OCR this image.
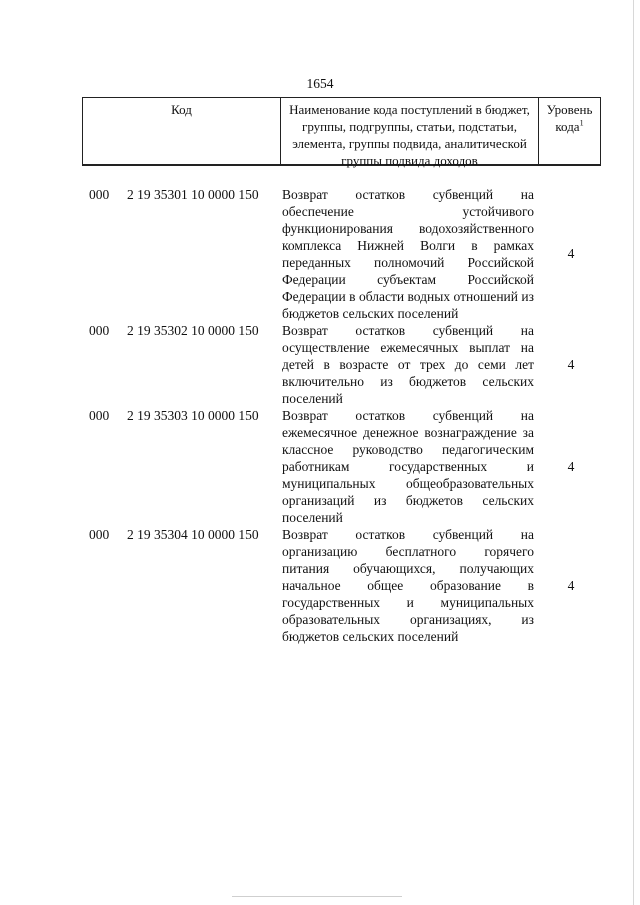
1654
Код	Наименование кода поступлений в бюджет, группы, подгруппы, статьи, подстатьи, элемента, группы подвида, аналитической группы подвида доходов
Уровень кода$^1$
000 2 19 35301 10 0000 150 Возврат остатков субвенций на обеспечение устойчивого функционирования водохозяйственного комплекса Нижней Волги в рамках переданных полномочий Российской Федерации субъектам Российской Федерации в области водных отношений из бюджетов сельских поселений
4
000 2 19 35302 10 0000 150 Возврат остатков субвенций на осуществление ежемесячных выплат на детей в возрасте от трех до семи лет включительно из бюджетов сельских поселений
4
000 2 19 35303 10 0000 150 Возврат остатков субвенций на ежемесячное денежное вознаграждение за классное руководство педагогическим работникам государственных и муниципальных общеобразовательных организаций из бюджетов сельских поселений
4
000 2 19 35304 10 0000 150 Возврат остатков субвенций на организацию бесплатного горячего питания обучающихся, получающих начальное общее образование в государственных и муниципальных образовательных организациях, из бюджетов сельских поселений
4
